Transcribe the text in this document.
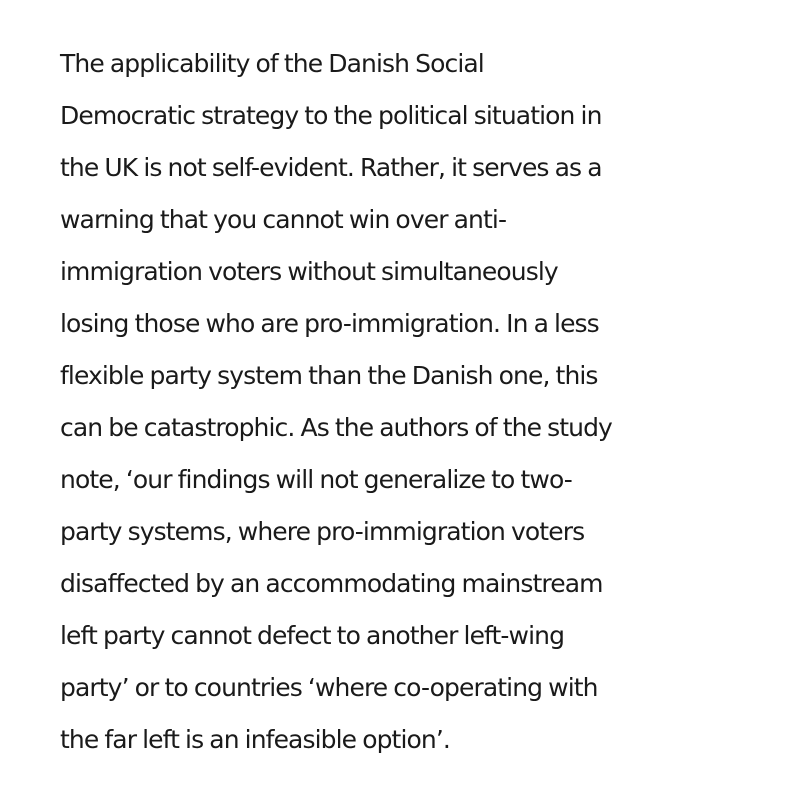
The applicability of the Danish Social
Democratic strategy to the political situation in
the UK is not self-evident. Rather, it serves as a
warning that you cannot win over anti-
immigration voters without simultaneously
losing those who are pro-immigration. In a less
flexible party system than the Danish one, this
can be catastrophic. As the authors of the study
note, ‘our findings will not generalize to two-
party systems, where pro-immigration voters
disaffected by an accommodating mainstream
left party cannot defect to another left-wing
party’ or to countries ‘where co-operating with
the far left is an infeasible option’.
